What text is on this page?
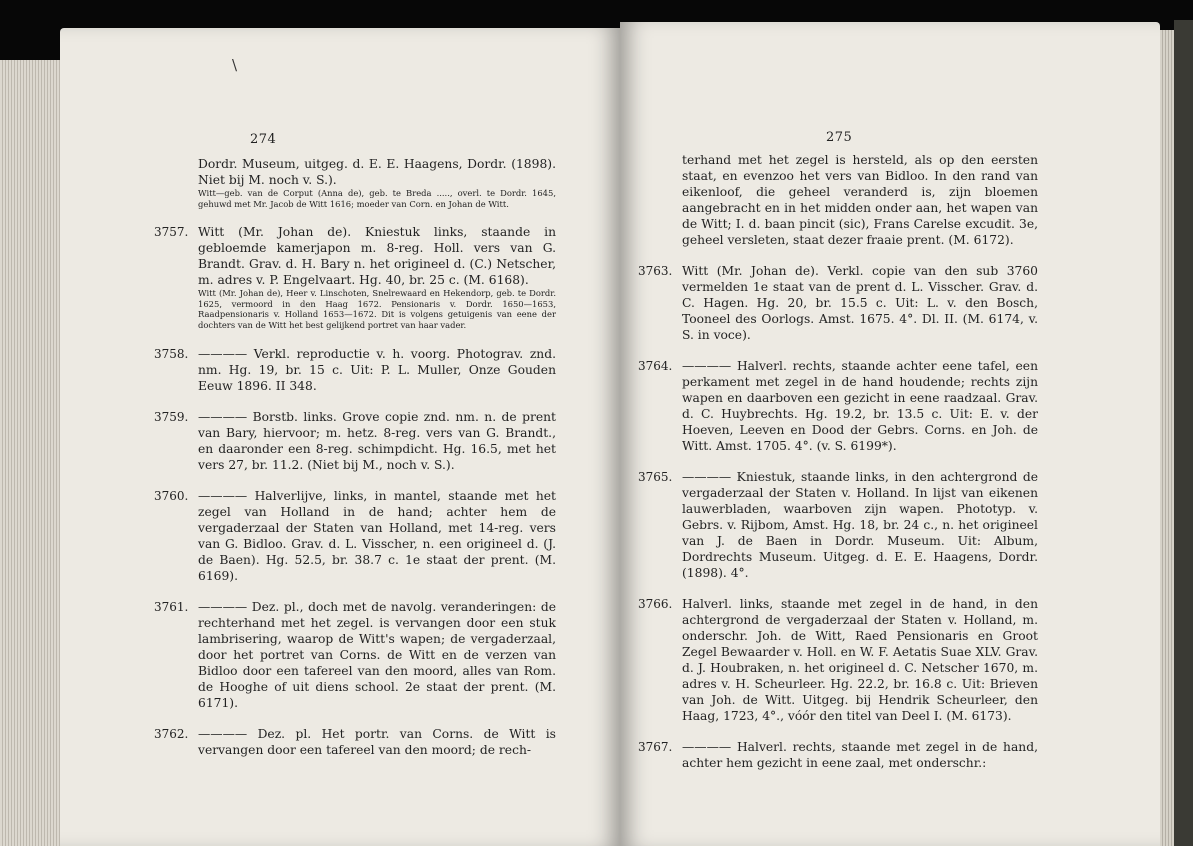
\
274

Dordr. Museum, uitgeg. d. E. E. Haagens, Dordr. (1898). Niet bij M. noch v. S.).

Witt—geb. van de Corput (Anna de), geb. te Breda ....., overl. te Dordr. 1645, gehuwd met Mr. Jacob de Witt 1616; moeder van Corn. en Johan de Witt.

3757. Witt (Mr. Johan de). Kniestuk links, staande in gebloemde kamerjapon m. 8-reg. Holl. vers van G. Brandt. Grav. d. H. Bary n. het origineel d. (C.) Netscher, m. adres v. P. Engelvaart. Hg. 40, br. 25 c. (M. 6168).

Witt (Mr. Johan de), Heer v. Linschoten, Snelrewaard en Hekendorp, geb. te Dordr. 1625, vermoord in den Haag 1672. Pensionaris v. Dordr. 1650—1653, Raadpensionaris v. Holland 1653—1672. Dit is volgens getuigenis van eene der dochters van de Witt het best gelijkend portret van haar vader.

3758. ———— Verkl. reproductie v. h. voorg. Photograv. znd. nm. Hg. 19, br. 15 c. Uit: P. L. Muller, Onze Gouden Eeuw 1896. II 348.

3759. ———— Borstb. links. Grove copie znd. nm. n. de prent van Bary, hiervoor; m. hetz. 8-reg. vers van G. Brandt., en daaronder een 8-reg. schimpdicht. Hg. 16.5, met het vers 27, br. 11.2. (Niet bij M., noch v. S.).

3760. ———— Halverlijve, links, in mantel, staande met het zegel van Holland in de hand; achter hem de vergaderzaal der Staten van Holland, met 14-reg. vers van G. Bidloo. Grav. d. L. Visscher, n. een origineel d. (J. de Baen). Hg. 52.5, br. 38.7 c. 1e staat der prent. (M. 6169).

3761. ———— Dez. pl., doch met de navolg. veranderingen: de rechterhand met het zegel. is vervangen door een stuk lambrisering, waarop de Witt's wapen; de vergaderzaal, door het portret van Corns. de Witt en de verzen van Bidloo door een tafereel van den moord, alles van Rom. de Hooghe of uit diens school. 2e staat der prent. (M. 6171).

3762. ———— Dez. pl. Het portr. van Corns. de Witt is vervangen door een tafereel van den moord; de rech-

275

terhand met het zegel is hersteld, als op den eersten staat, en evenzoo het vers van Bidloo. In den rand van eikenloof, die geheel veranderd is, zijn bloemen aangebracht en in het midden onder aan, het wapen van de Witt; I. d. baan pincit (sic), Frans Carelse excudit. 3e, geheel versleten, staat dezer fraaie prent. (M. 6172).

3763. Witt (Mr. Johan de). Verkl. copie van den sub 3760 vermelden 1e staat van de prent d. L. Visscher. Grav. d. C. Hagen. Hg. 20, br. 15.5 c. Uit: L. v. den Bosch, Tooneel des Oorlogs. Amst. 1675. 4°. Dl. II. (M. 6174, v. S. in voce).

3764. ———— Halverl. rechts, staande achter eene tafel, een perkament met zegel in de hand houdende; rechts zijn wapen en daarboven een gezicht in eene raadzaal. Grav. d. C. Huybrechts. Hg. 19.2, br. 13.5 c. Uit: E. v. der Hoeven, Leeven en Dood der Gebrs. Corns. en Joh. de Witt. Amst. 1705. 4°. (v. S. 6199*).

3765. ———— Kniestuk, staande links, in den achtergrond de vergaderzaal der Staten v. Holland. In lijst van eikenen lauwerbladen, waarboven zijn wapen. Phototyp. v. Gebrs. v. Rijbom, Amst. Hg. 18, br. 24 c., n. het origineel van J. de Baen in Dordr. Museum. Uit: Album, Dordrechts Museum. Uitgeg. d. E. E. Haagens, Dordr. (1898). 4°.

3766. Halverl. links, staande met zegel in de hand, in den achtergrond de vergaderzaal der Staten v. Holland, m. onderschr. Joh. de Witt, Raed Pensionaris en Groot Zegel Bewaarder v. Holl. en W. F. Aetatis Suae XLV. Grav. d. J. Houbraken, n. het origineel d. C. Netscher 1670, m. adres v. H. Scheurleer. Hg. 22.2, br. 16.8 c. Uit: Brieven van Joh. de Witt. Uitgeg. bij Hendrik Scheurleer, den Haag, 1723, 4°., vóór den titel van Deel I. (M. 6173).

3767. ———— Halverl. rechts, staande met zegel in de hand, achter hem gezicht in eene zaal, met onderschr.:
